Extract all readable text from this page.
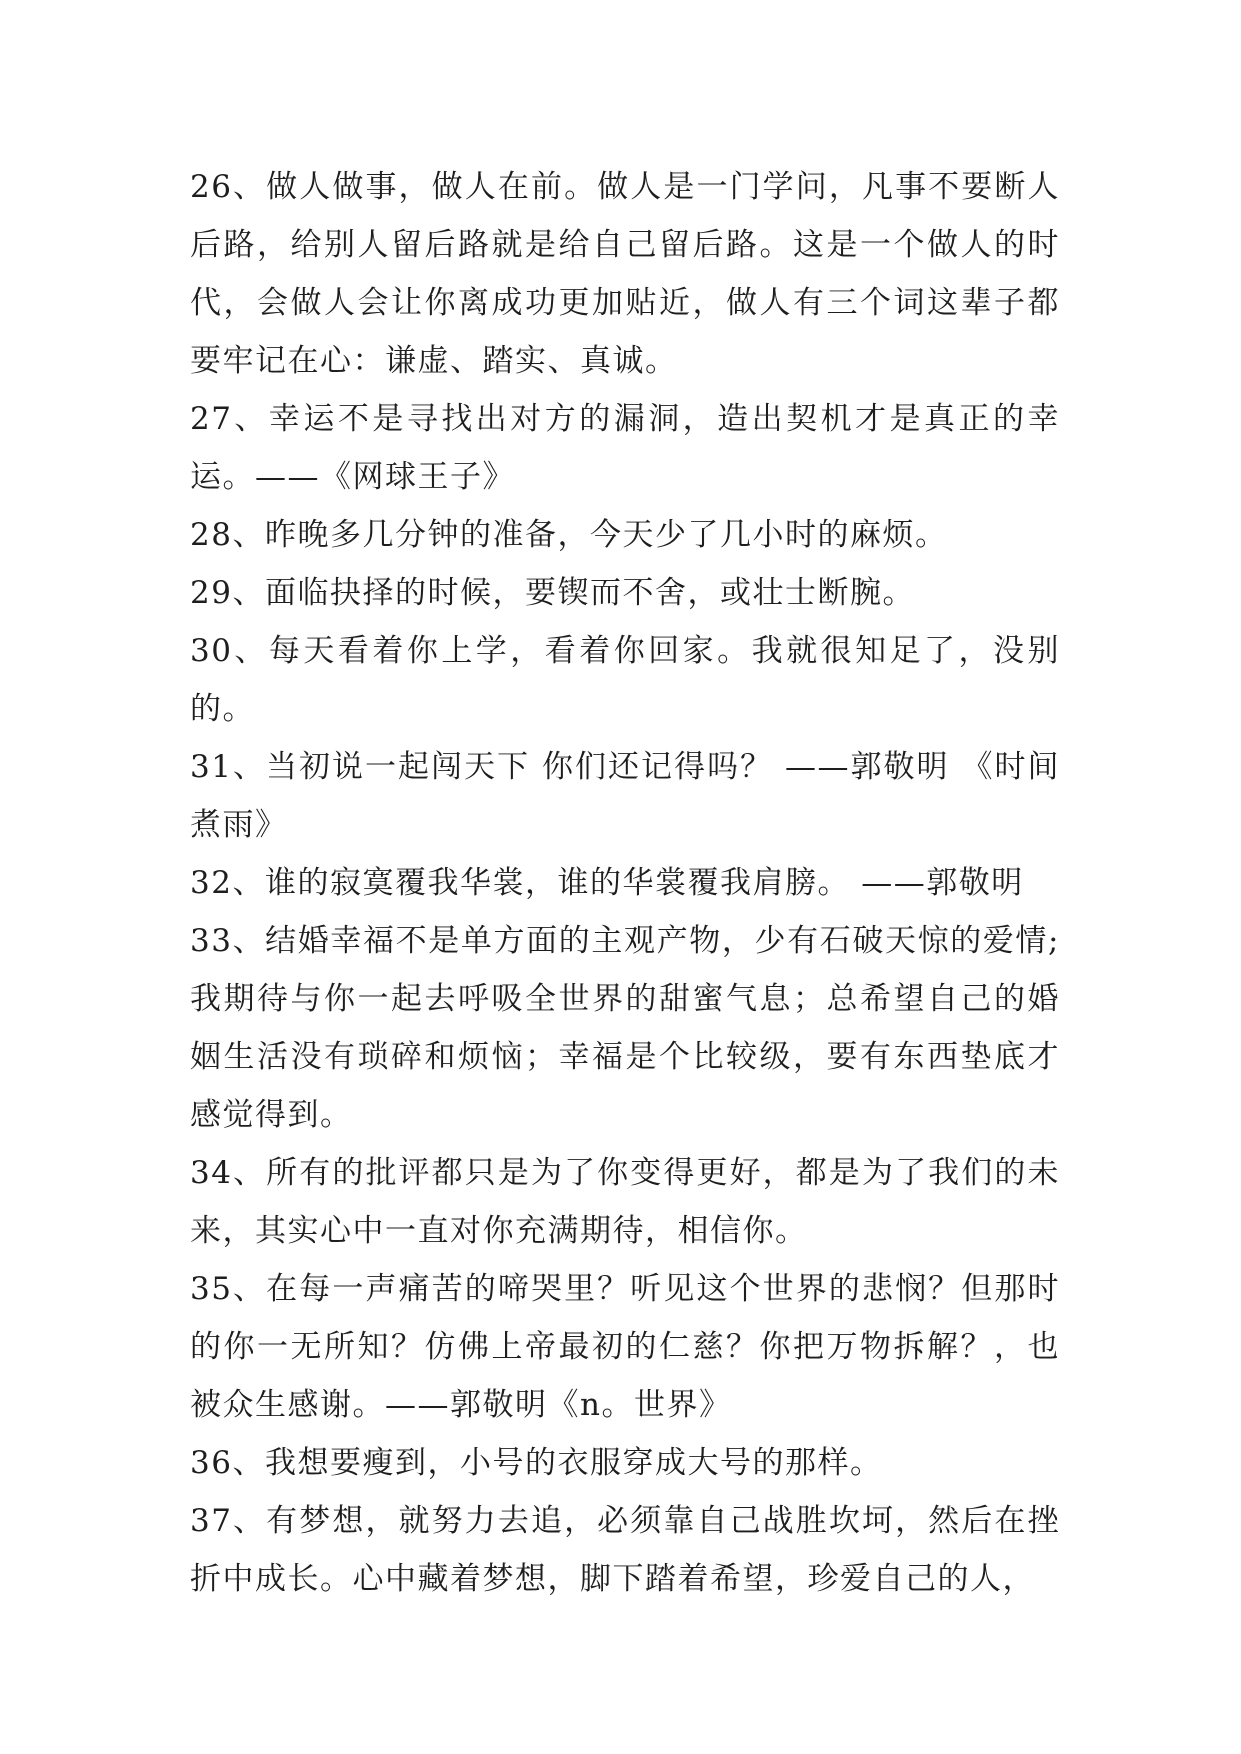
26、做人做事，做人在前。做人是一门学问，凡事不要断人后路，给别人留后路就是给自己留后路。这是一个做人的时代，会做人会让你离成功更加贴近，做人有三个词这辈子都要牢记在心：谦虚、踏实、真诚。

27、幸运不是寻找出对方的漏洞，造出契机才是真正的幸运。——《网球王子》

28、昨晚多几分钟的准备，今天少了几小时的麻烦。

29、面临抉择的时候，要锲而不舍，或壮士断腕。

30、每天看着你上学，看着你回家。我就很知足了，没别的。

31、当初说一起闯天下 你们还记得吗？ ——郭敬明 《时间煮雨》

32、谁的寂寞覆我华裳，谁的华裳覆我肩膀。 ——郭敬明

33、结婚幸福不是单方面的主观产物，少有石破天惊的爱情;我期待与你一起去呼吸全世界的甜蜜气息；总希望自己的婚姻生活没有琐碎和烦恼；幸福是个比较级，要有东西垫底才感觉得到。

34、所有的批评都只是为了你变得更好，都是为了我们的未来，其实心中一直对你充满期待，相信你。

35、在每一声痛苦的啼哭里？听见这个世界的悲悯？但那时的你一无所知？仿佛上帝最初的仁慈？你把万物拆解？，也被众生感谢。——郭敬明《n。世界》

36、我想要瘦到，小号的衣服穿成大号的那样。

37、有梦想，就努力去追，必须靠自己战胜坎坷，然后在挫折中成长。心中藏着梦想，脚下踏着希望，珍爱自己的人，
